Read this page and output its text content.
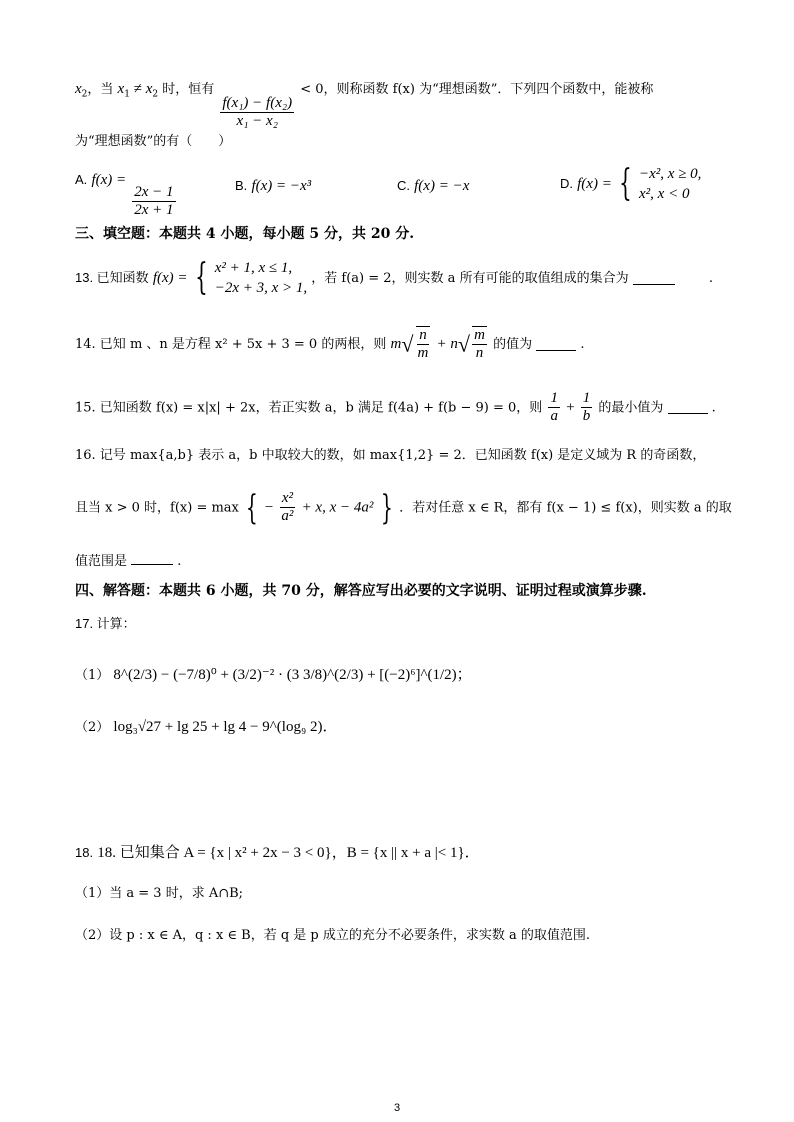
$x_2$，当 $x_1 \ne x_2$ 时，恒有
$\frac{\text{f(x₁) − f(x₂)}}{\text{x₁ − x₂}}$
< 0，则称函数 f(x) 为“理想函数”．下列四个函数中，能被称
为“理想函数”的有（　　）
A. f(x) =
$\frac{2x - 1}{2x + 1}$	B. f(x) = −x³	C. f(x) = −x	D. f(x) = { −x², x ≥ 0,
x², x < 0
三、填空题：本题共 4 小题，每小题 5 分，共 20 分.
13. 已知函数 f(x) = { x² + 1, x ≤ 1,
−2x + 3, x > 1,
，若 f(a) = 2，则实数 a 所有可能的取值组成的集合为	.
14. 已知 m 、n 是方程 x² + 5x + 3 = 0 的两根，则 $m√ \frac{n}{m} + n√ \frac{m}{n}$ 的值为	.
15. 已知函数 f(x) = x|x| + 2x，若正实数 a，b 满足 f(4a) + f(b − 9) = 0，则 $\frac{1}{a} + \frac{1}{b}$ 的最小值为	.
16. 记号 max{a,b} 表示 a，b 中取较大的数，如 max{1,2} = 2．已知函数 f(x) 是定义域为 R 的奇函数，
且当 x > 0 时，f(x) = max { − $\frac{\text{x²}}{\text{a²}} + x$, x − 4a² } ．若对任意 x ∈ R，都有 f(x − 1) ≤ f(x)，则实数 a 的取
值范围是	.
四、解答题：本题共 6 小题，共 70 分，解答应写出必要的文字说明、证明过程或演算步骤.
17. 计算：
（1） 8^(2/3) − (−7/8)⁰ + (3/2)⁻² · (3 3/8)^(2/3) + [(−2)⁶]^(1/2)；
（2） log₃√27 + lg 25 + lg 4 − 9^(log₉ 2)．
18. 18. 已知集合 A = {x | x² + 2x − 3 < 0}，B = {x || x + a |< 1}．
（1）当 a = 3 时，求 A∩B;
（2）设 p : x ∈ A，q : x ∈ B，若 q 是 p 成立的充分不必要条件，求实数 a 的取值范围.
3
